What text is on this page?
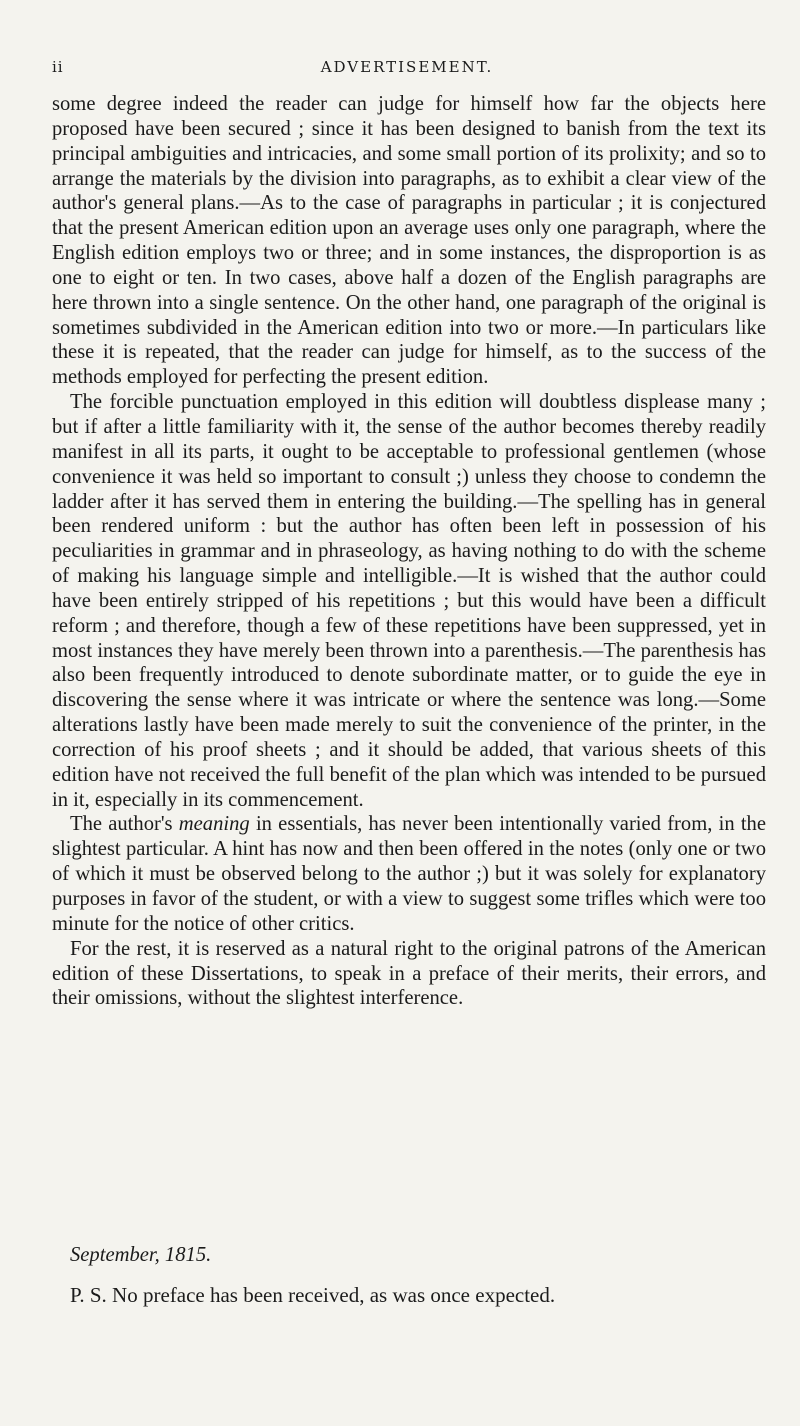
ii	ADVERTISEMENT.

some degree indeed the reader can judge for himself how far the objects here proposed have been secured ; since it has been designed to banish from the text its principal ambiguities and intricacies, and some small portion of its prolixity; and so to arrange the materials by the division into paragraphs, as to exhibit a clear view of the author's general plans.—As to the case of paragraphs in particular ; it is conjectured that the present American edition upon an average uses only one paragraph, where the English edition employs two or three; and in some instances, the disproportion is as one to eight or ten. In two cases, above half a dozen of the English paragraphs are here thrown into a single sentence. On the other hand, one paragraph of the original is sometimes subdivided in the American edition into two or more.—In particulars like these it is repeated, that the reader can judge for himself, as to the success of the methods employed for perfecting the present edition.

The forcible punctuation employed in this edition will doubtless displease many ; but if after a little familiarity with it, the sense of the author becomes thereby readily manifest in all its parts, it ought to be acceptable to professional gentlemen (whose convenience it was held so important to consult ;) unless they choose to condemn the ladder after it has served them in entering the building.—The spelling has in general been rendered uniform : but the author has often been left in possession of his peculiarities in grammar and in phraseology, as having nothing to do with the scheme of making his language simple and intelligible.—It is wished that the author could have been entirely stripped of his repetitions ; but this would have been a difficult reform ; and therefore, though a few of these repetitions have been suppressed, yet in most instances they have merely been thrown into a parenthesis.—The parenthesis has also been frequently introduced to denote subordinate matter, or to guide the eye in discovering the sense where it was intricate or where the sentence was long.—Some alterations lastly have been made merely to suit the convenience of the printer, in the correction of his proof sheets ; and it should be added, that various sheets of this edition have not received the full benefit of the plan which was intended to be pursued in it, especially in its commencement.

The author's meaning in essentials, has never been intentionally varied from, in the slightest particular. A hint has now and then been offered in the notes (only one or two of which it must be observed belong to the author ;) but it was solely for explanatory purposes in favor of the student, or with a view to suggest some trifles which were too minute for the notice of other critics.

For the rest, it is reserved as a natural right to the original patrons of the American edition of these Dissertations, to speak in a preface of their merits, their errors, and their omissions, without the slightest interference.

September, 1815.
P. S. No preface has been received, as was once expected.
